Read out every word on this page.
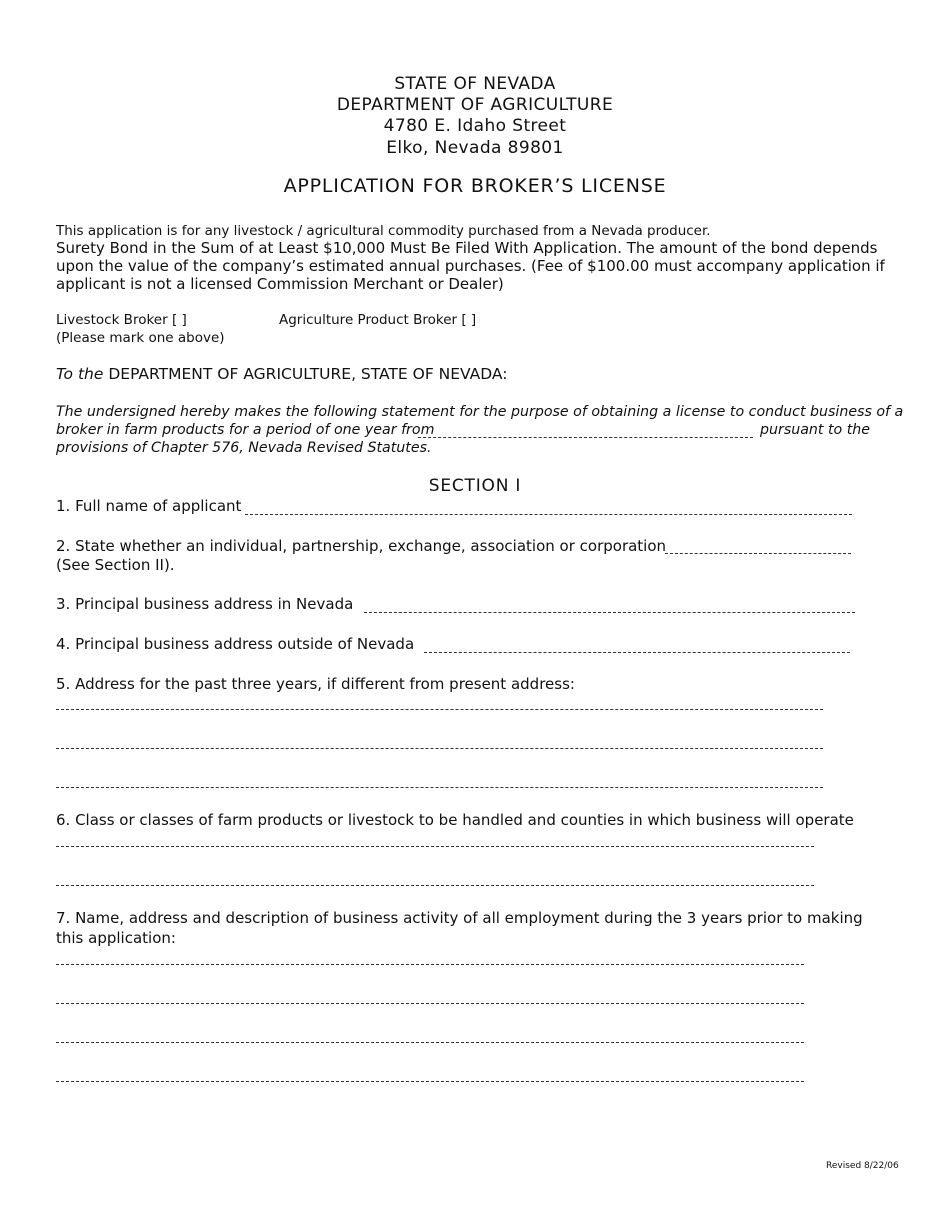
STATE OF NEVADA
DEPARTMENT OF AGRICULTURE
4780 E. Idaho Street
Elko, Nevada 89801
APPLICATION FOR BROKER’S LICENSE
This application is for any livestock / agricultural commodity purchased from a Nevada producer.
Surety Bond in the Sum of at Least $10,000 Must Be Filed With Application. The amount of the bond depends
upon the value of the company’s estimated annual purchases. (Fee of $100.00 must accompany application if
applicant is not a licensed Commission Merchant or Dealer)
Livestock Broker [ ]	Agriculture Product Broker [ ]
(Please mark one above)
To the DEPARTMENT OF AGRICULTURE, STATE OF NEVADA:
The undersigned hereby makes the following statement for the purpose of obtaining a license to conduct business of a
broker in farm products for a period of one year from	pursuant to the
provisions of Chapter 576, Nevada Revised Statutes.
SECTION I
1. Full name of applicant
2. State whether an individual, partnership, exchange, association or corporation
(See Section II).
3. Principal business address in Nevada
4. Principal business address outside of Nevada
5. Address for the past three years, if different from present address:
6. Class or classes of farm products or livestock to be handled and counties in which business will operate
7. Name, address and description of business activity of all employment during the 3 years prior to making
this application:
Revised 8/22/06
